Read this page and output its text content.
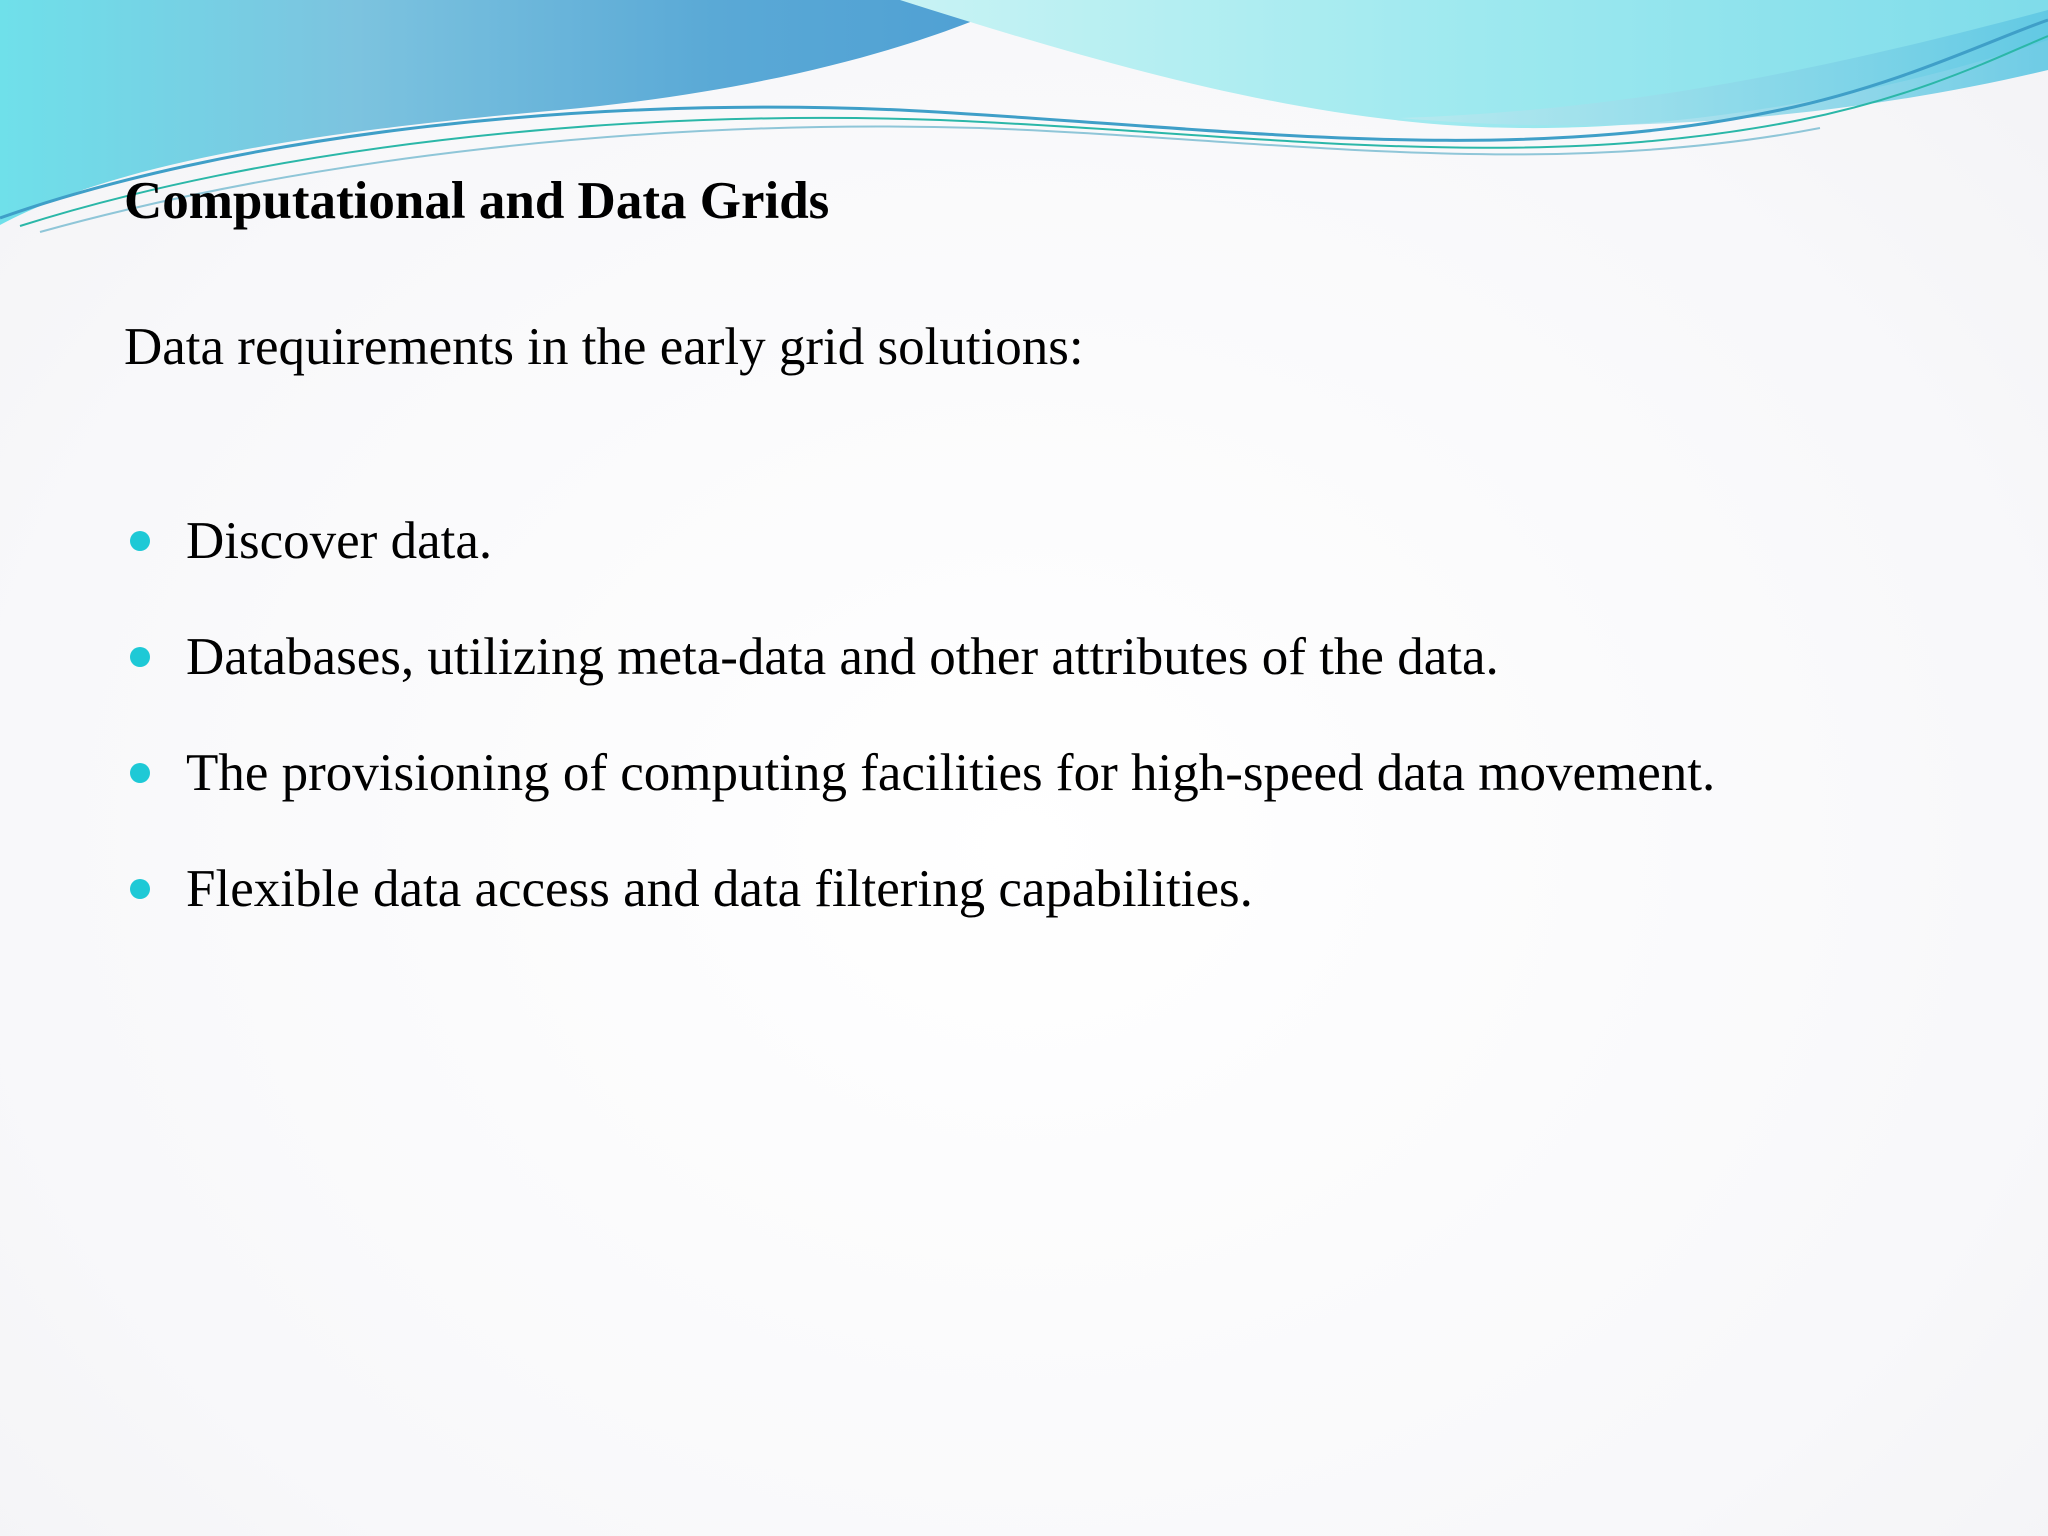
Computational and Data Grids

Data requirements in the early grid solutions:

Discover data.
Databases, utilizing meta-data and other attributes of the data.
The provisioning of computing facilities for high-speed data movement.
Flexible data access and data filtering capabilities.
